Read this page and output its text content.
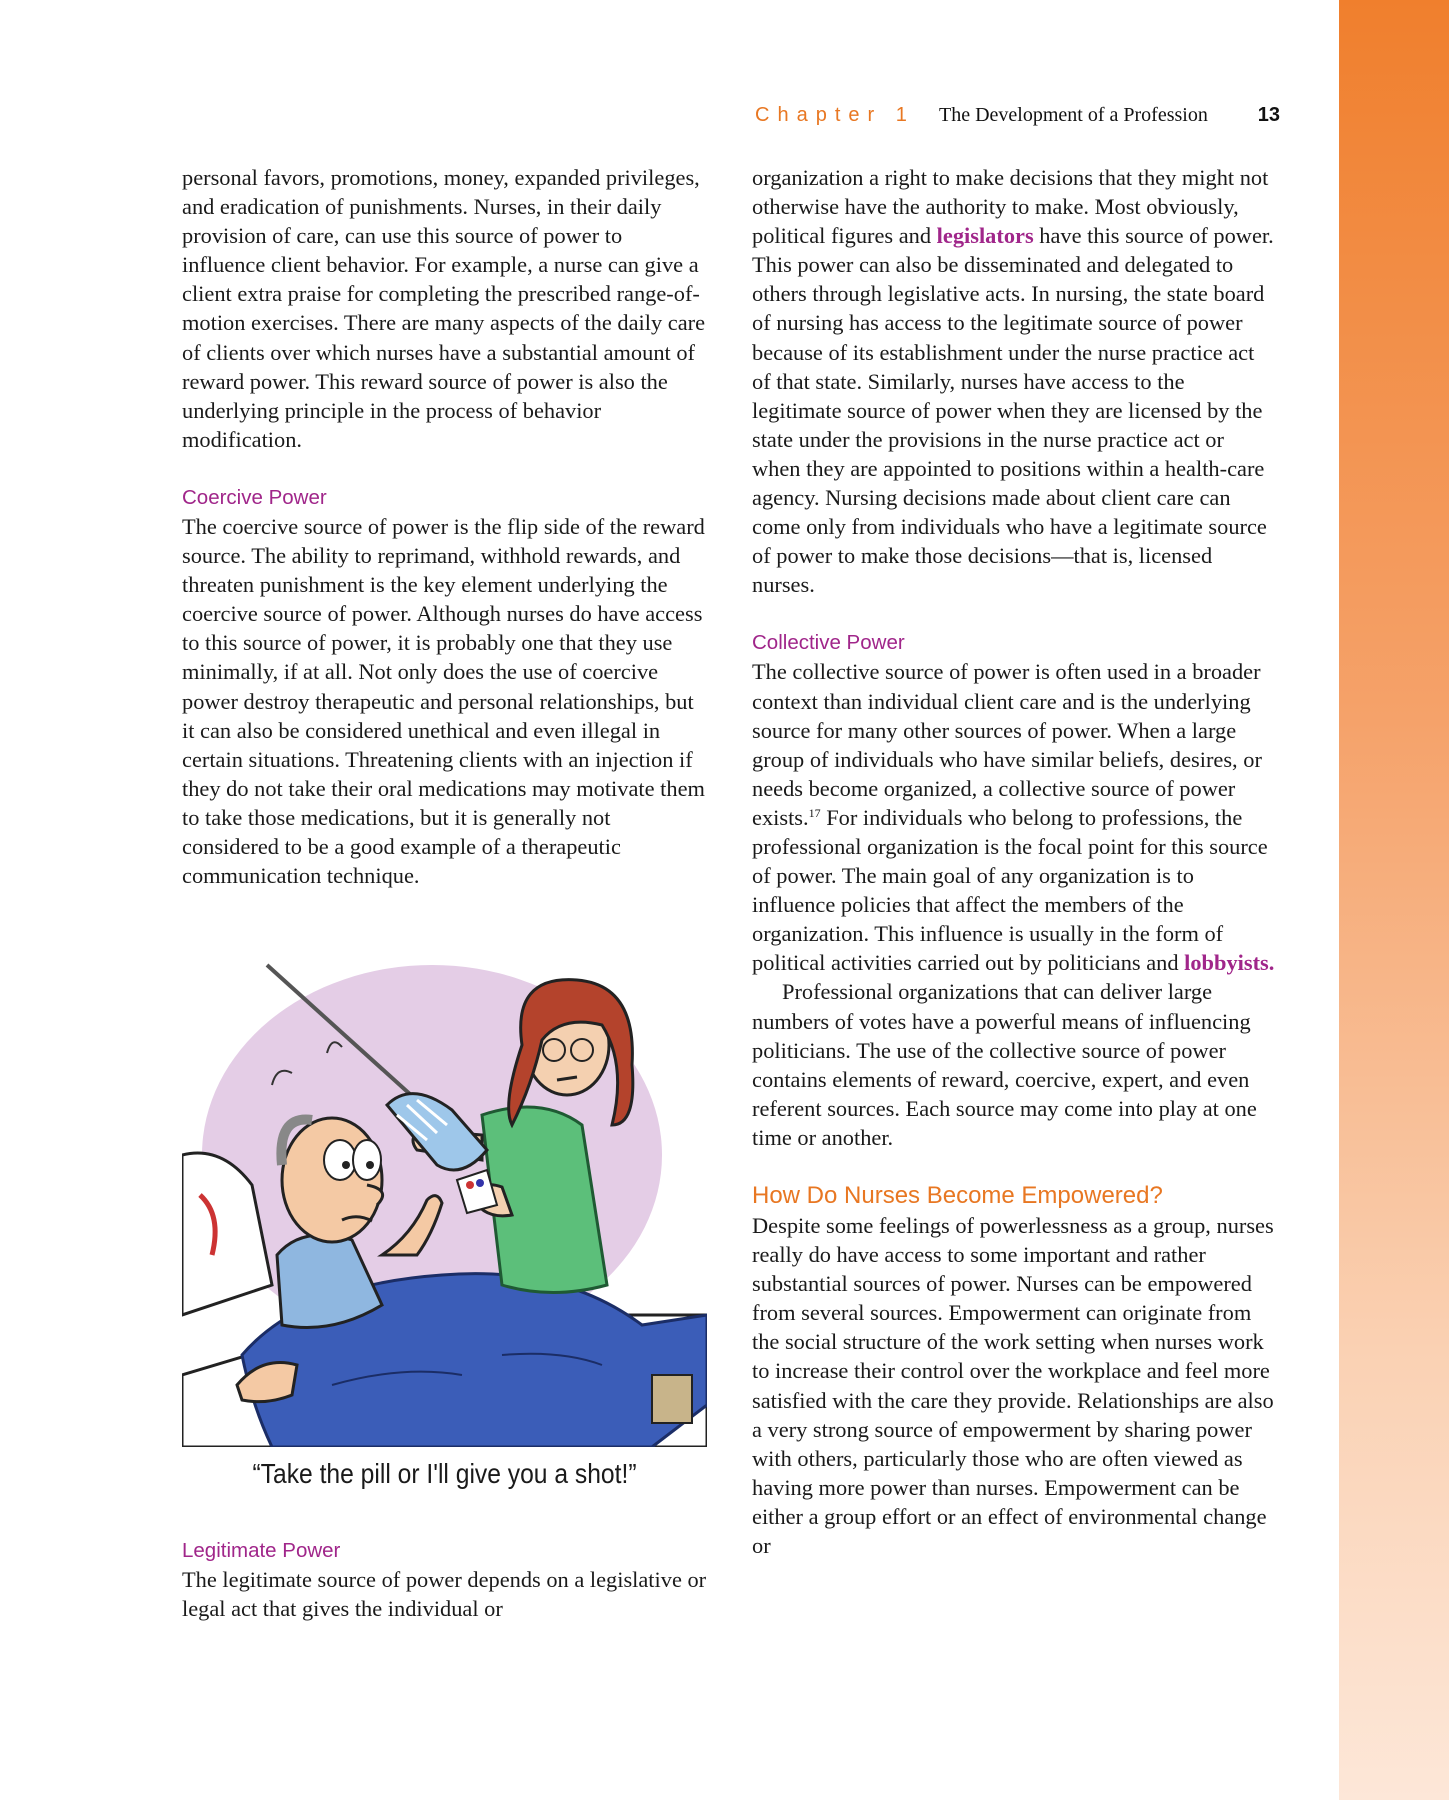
Chapter 1 The Development of a Profession 13

personal favors, promotions, money, expanded privileges, and eradication of punishments. Nurses, in their daily provision of care, can use this source of power to influence client behavior. For example, a nurse can give a client extra praise for completing the prescribed range-of-motion exercises. There are many aspects of the daily care of clients over which nurses have a substantial amount of reward power. This reward source of power is also the underlying principle in the process of behavior modification.

Coercive Power

The coercive source of power is the flip side of the reward source. The ability to reprimand, withhold rewards, and threaten punishment is the key element underlying the coercive source of power. Although nurses do have access to this source of power, it is probably one that they use minimally, if at all. Not only does the use of coercive power destroy therapeutic and personal relationships, but it can also be considered unethical and even illegal in certain situations. Threatening clients with an injection if they do not take their oral medications may motivate them to take those medications, but it is generally not considered to be a good example of a therapeutic communication technique.

“Take the pill or I'll give you a shot!”
Legitimate Power

The legitimate source of power depends on a legislative or legal act that gives the individual or

organization a right to make decisions that they might not otherwise have the authority to make. Most obviously, political figures and legislators have this source of power. This power can also be disseminated and delegated to others through legislative acts. In nursing, the state board of nursing has access to the legitimate source of power because of its establishment under the nurse practice act of that state. Similarly, nurses have access to the legitimate source of power when they are licensed by the state under the provisions in the nurse practice act or when they are appointed to positions within a health-care agency. Nursing decisions made about client care can come only from individuals who have a legitimate source of power to make those decisions—that is, licensed nurses.

Collective Power

The collective source of power is often used in a broader context than individual client care and is the underlying source for many other sources of power. When a large group of individuals who have similar beliefs, desires, or needs become organized, a collective source of power exists.$^{17}$ For individuals who belong to professions, the professional organization is the focal point for this source of power. The main goal of any organization is to influence policies that affect the members of the organization. This influence is usually in the form of political activities carried out by politicians and lobbyists.

Professional organizations that can deliver large numbers of votes have a powerful means of influencing politicians. The use of the collective source of power contains elements of reward, coercive, expert, and even referent sources. Each source may come into play at one time or another.

How Do Nurses Become Empowered?

Despite some feelings of powerlessness as a group, nurses really do have access to some important and rather substantial sources of power. Nurses can be empowered from several sources. Empowerment can originate from the social structure of the work setting when nurses work to increase their control over the workplace and feel more satisfied with the care they provide. Relationships are also a very strong source of empowerment by sharing power with others, particularly those who are often viewed as having more power than nurses. Empowerment can be either a group effort or an effect of environmental change or
